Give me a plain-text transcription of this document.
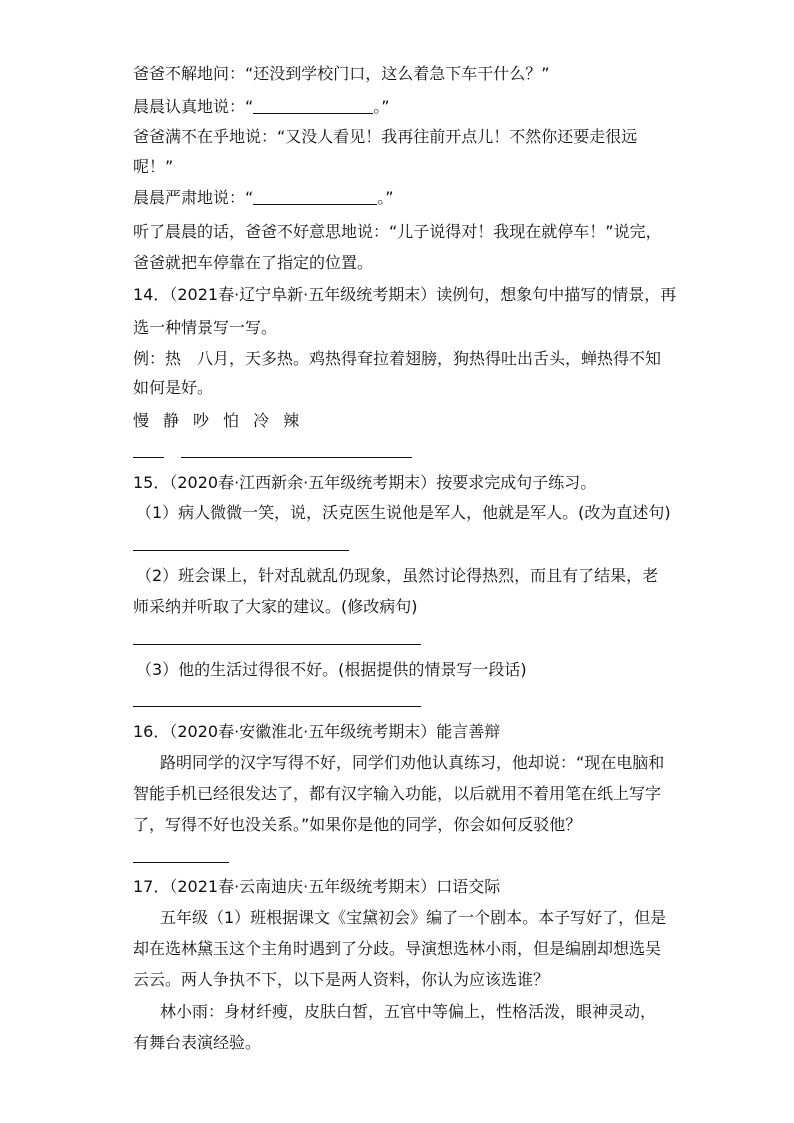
爸爸不解地问：“还没到学校门口，这么着急下车干什么？”
晨晨认真地说：“	。”
爸爸满不在乎地说：“又没人看见！我再往前开点儿！不然你还要走很远
呢！”
晨晨严肃地说：“	。”
听了晨晨的话，爸爸不好意思地说：“儿子说得对！我现在就停车！”说完，
爸爸就把车停靠在了指定的位置。
14．（2021春·辽宁阜新·五年级统考期末）读例句，想象句中描写的情景，再
选一种情景写一写。
例：热　八月，天多热。鸡热得耷拉着翅膀，狗热得吐出舌头，蝉热得不知
如何是好。
慢 静 吵 怕 冷 辣
15．（2020春·江西新余·五年级统考期末）按要求完成句子练习。
（1）病人微微一笑，说，沃克医生说他是军人，他就是军人。(改为直述句)
（2）班会课上，针对乱就乱仍现象，虽然讨论得热烈，而且有了结果，老
师采纳并听取了大家的建议。(修改病句)
（3）他的生活过得很不好。(根据提供的情景写一段话)
16．（2020春·安徽淮北·五年级统考期末）能言善辩
路明同学的汉字写得不好，同学们劝他认真练习，他却说：“现在电脑和
智能手机已经很发达了，都有汉字输入功能，以后就用不着用笔在纸上写字
了，写得不好也没关系。”如果你是他的同学，你会如何反驳他？
17．（2021春·云南迪庆·五年级统考期末）口语交际
五年级（1）班根据课文《宝黛初会》编了一个剧本。本子写好了，但是
却在选林黛玉这个主角时遇到了分歧。导演想选林小雨，但是编剧却想选吴
云云。两人争执不下，以下是两人资料，你认为应该选谁？
林小雨：身材纤瘦，皮肤白皙，五官中等偏上，性格活泼，眼神灵动，
有舞台表演经验。
